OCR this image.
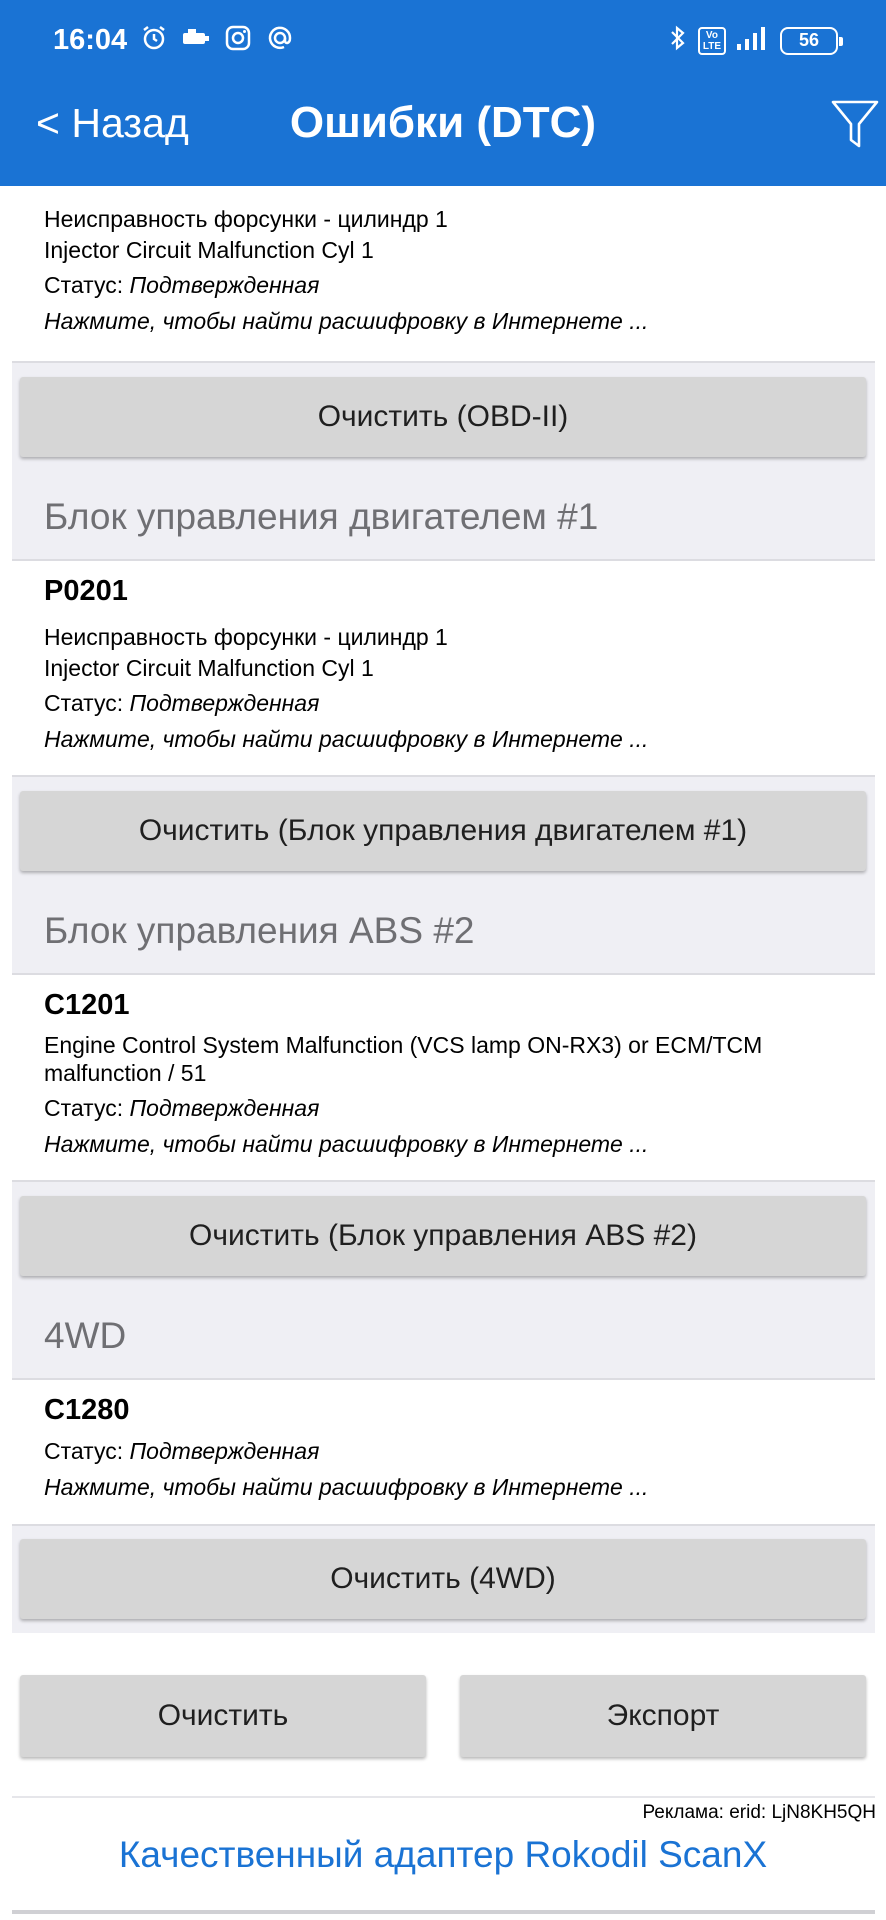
16:04	Vo
LTE	56
< Назад	Ошибки (DTC)
Неисправность форсунки - цилиндр 1
Injector Circuit Malfunction Cyl 1
Статус: Подтвержденная
Нажмите, чтобы найти расшифровку в Интернете ...
Очистить (OBD-II)
Блок управления двигателем #1
P0201
Неисправность форсунки - цилиндр 1
Injector Circuit Malfunction Cyl 1
Статус: Подтвержденная
Нажмите, чтобы найти расшифровку в Интернете ...
Очистить (Блок управления двигателем #1)
Блок управления ABS #2
C1201
Engine Control System Malfunction (VCS lamp ON-RX3) or ECM/TCM malfunction / 51
Статус: Подтвержденная
Нажмите, чтобы найти расшифровку в Интернете ...
Очистить (Блок управления ABS #2)
4WD
C1280
Статус: Подтвержденная
Нажмите, чтобы найти расшифровку в Интернете ...
Очистить (4WD)
Очистить	Экспорт
Реклама: erid: LjN8KH5QH
Качественный адаптер Rokodil ScanX
